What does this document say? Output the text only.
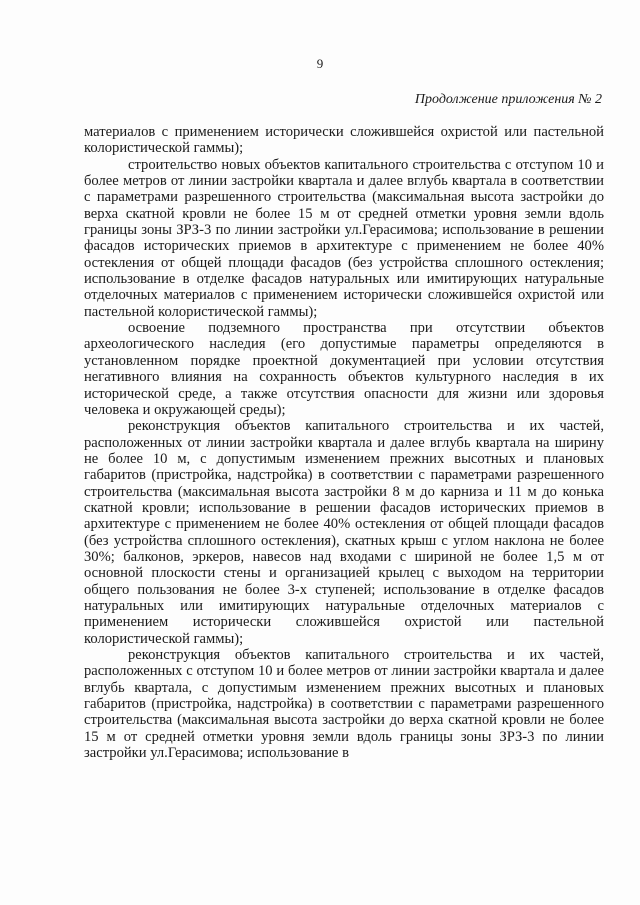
9
Продолжение приложения № 2

материалов с применением исторически сложившейся охристой или пастельной колористической гаммы);

строительство новых объектов капитального строительства с отступом 10 и более метров от линии застройки квартала и далее вглубь квартала в соответствии с параметрами разрешенного строительства (максимальная высота застройки до верха скатной кровли не более 15 м от средней отметки уровня земли вдоль границы зоны ЗРЗ-3 по линии застройки ул.Герасимова; использование в решении фасадов исторических приемов в архитектуре с применением не более 40% остекления от общей площади фасадов (без устройства сплошного остекления; использование в отделке фасадов натуральных или имитирующих натуральные отделочных материалов с применением исторически сложившейся охристой или пастельной колористической гаммы);

освоение подземного пространства при отсутствии объектов археологического наследия (его допустимые параметры определяются в установленном порядке проектной документацией при условии отсутствия негативного влияния на сохранность объектов культурного наследия в их исторической среде, а также отсутствия опасности для жизни или здоровья человека и окружающей среды);

реконструкция объектов капитального строительства и их частей, расположенных от линии застройки квартала и далее вглубь квартала на ширину не более 10 м, с допустимым изменением прежних высотных и плановых габаритов (пристройка, надстройка) в соответствии с параметрами разрешенного строительства (максимальная высота застройки 8 м до карниза и 11 м до конька скатной кровли; использование в решении фасадов исторических приемов в архитектуре с применением не более 40% остекления от общей площади фасадов (без устройства сплошного остекления), скатных крыш с углом наклона не более 30%; балконов, эркеров, навесов над входами с шириной не более 1,5 м от основной плоскости стены и организацией крылец с выходом на территории общего пользования не более 3-х ступеней; использование в отделке фасадов натуральных или имитирующих натуральные отделочных материалов с применением исторически сложившейся охристой или пастельной колористической гаммы);

реконструкция объектов капитального строительства и их частей, расположенных с отступом 10 и более метров от линии застройки квартала и далее вглубь квартала, с допустимым изменением прежних высотных и плановых габаритов (пристройка, надстройка) в соответствии с параметрами разрешенного строительства (максимальная высота застройки до верха скатной кровли не более 15 м от средней отметки уровня земли вдоль границы зоны ЗРЗ-3 по линии застройки ул.Герасимова; использование в
